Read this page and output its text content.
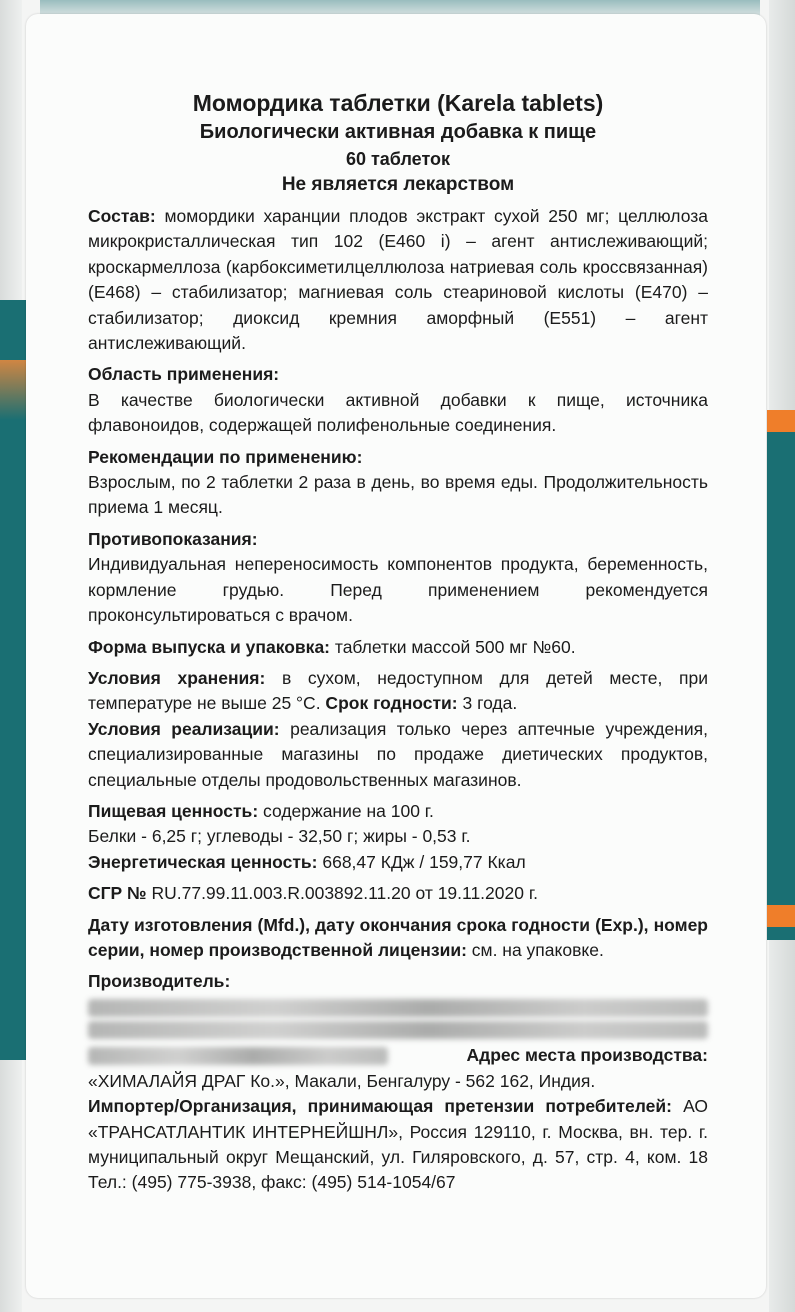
Момордика таблетки (Karela tablets)

Биологически активная добавка к пище

60 таблеток

Не является лекарством

Состав: момордики харанции плодов экстракт сухой 250 мг; целлюлоза микрокристаллическая тип 102 (Е460 i) – агент антислеживающий; кроскармеллоза (карбоксиметилцеллюлоза натриевая соль кроссвязанная) (Е468) – стабилизатор; магниевая соль стеариновой кислоты (Е470) – стабилизатор; диоксид кремния аморфный (Е551) – агент антислеживающий.

Область применения:

В качестве биологически активной добавки к пище, источника флавоноидов, содержащей полифенольные соединения.

Рекомендации по применению:

Взрослым, по 2 таблетки 2 раза в день, во время еды. Продолжительность приема 1 месяц.

Противопоказания:

Индивидуальная непереносимость компонентов продукта, беременность, кормление грудью. Перед применением рекомендуется проконсультироваться с врачом.

Форма выпуска и упаковка: таблетки массой 500 мг №60.

Условия хранения: в сухом, недоступном для детей месте, при температуре не выше 25 °С. Срок годности: 3 года.

Условия реализации: реализация только через аптечные учреждения, специализированные магазины по продаже диетических продуктов, специальные отделы продовольственных магазинов.

Пищевая ценность: содержание на 100 г.

Белки - 6,25 г; углеводы - 32,50 г; жиры - 0,53 г.

Энергетическая ценность: 668,47 КДж / 159,77 Ккал

СГР № RU.77.99.11.003.R.003892.11.20 от 19.11.2020 г.

Дату изготовления (Mfd.), дату окончания срока годности (Exp.), номер серии, номер производственной лицензии: см. на упаковке.

Производитель:

Адрес места производства:

«ХИМАЛАЙЯ ДРАГ Ко.», Макали, Бенгалуру - 562 162, Индия.

Импортер/Организация, принимающая претензии потребителей: АО «ТРАНСАТЛАНТИК ИНТЕРНЕЙШНЛ», Россия 129110, г. Москва, вн. тер. г. муниципальный округ Мещанский, ул. Гиляровского, д. 57, стр. 4, ком. 18 Тел.: (495) 775-3938, факс: (495) 514-1054/67
